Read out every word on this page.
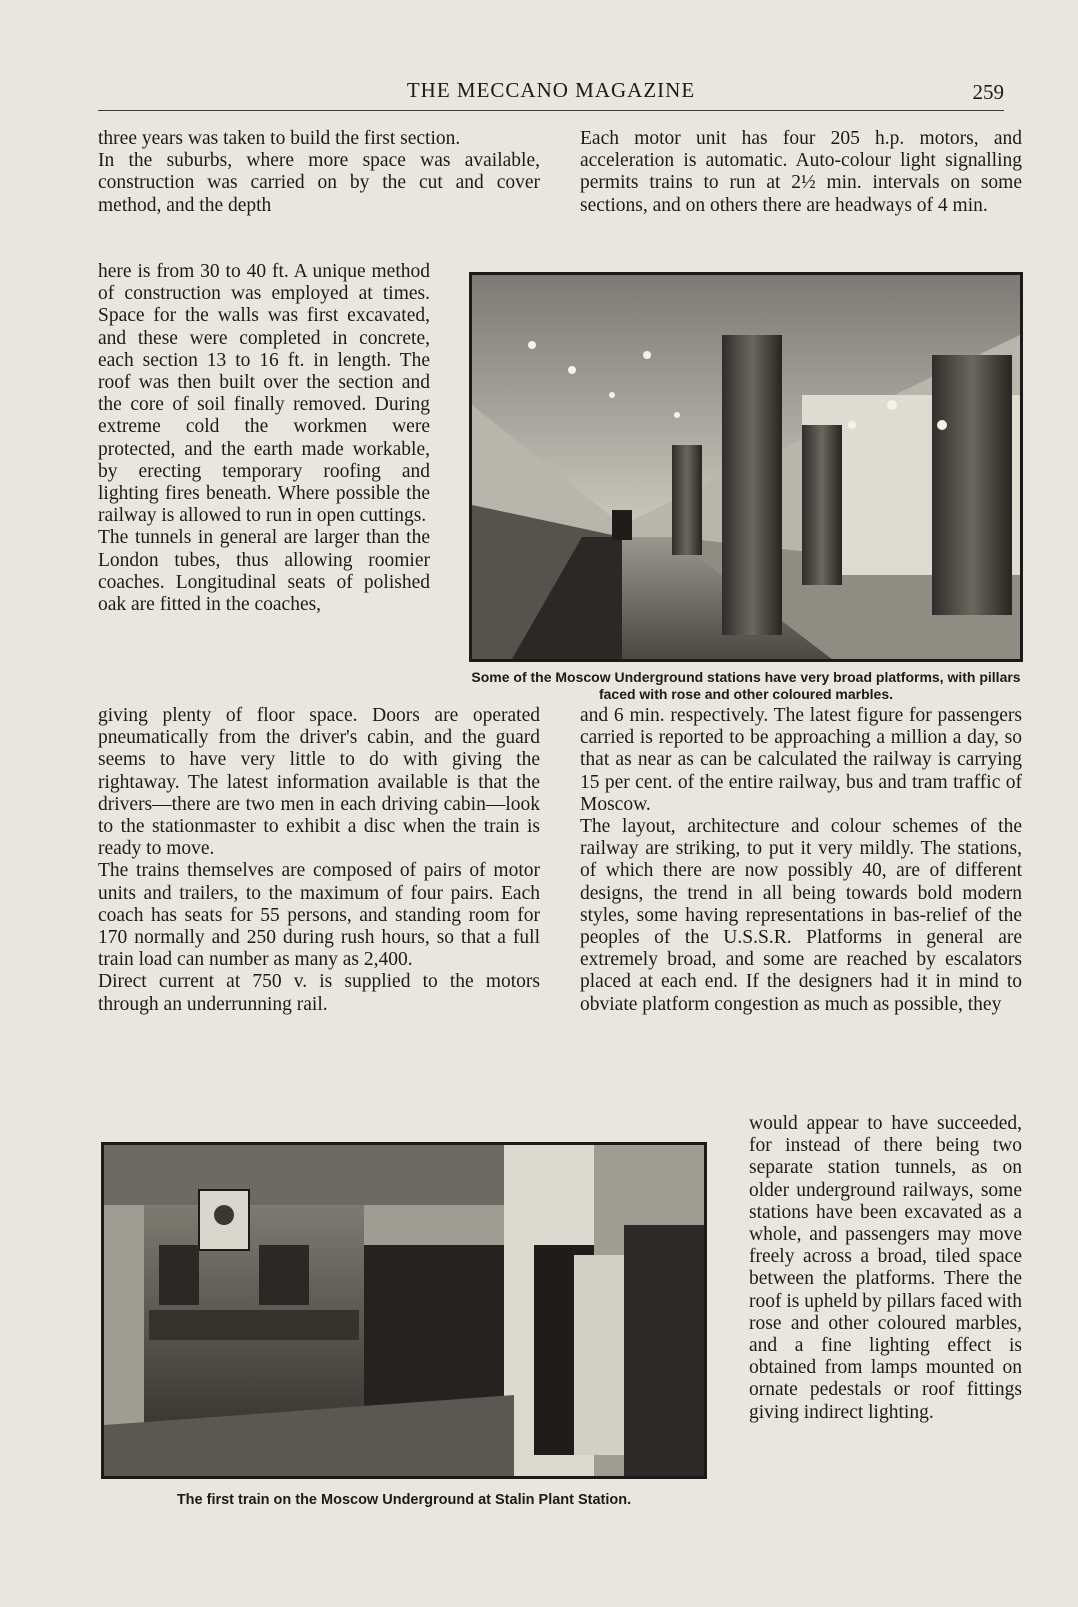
THE MECCANO MAGAZINE	259
three years was taken to build the first section.
In the suburbs, where more space was available, construction was carried on by the cut and cover method, and the depth
here is from 30 to 40 ft. A unique method of construction was employed at times. Space for the walls was first excavated, and these were completed in concrete, each section 13 to 16 ft. in length. The roof was then built over the section and the core of soil finally removed. During extreme cold the workmen were protected, and the earth made workable, by erecting temporary roofing and lighting fires beneath. Where possible the railway is allowed to run in open cuttings.
The tunnels in general are larger than the London tubes, thus allowing roomier coaches. Longitudinal seats of polished oak are fitted in the coaches,
giving plenty of floor space. Doors are operated pneumatically from the driver's cabin, and the guard seems to have very little to do with giving the rightaway. The latest information available is that the drivers—there are two men in each driving cabin—look to the stationmaster to exhibit a disc when the train is ready to move.
The trains themselves are composed of pairs of motor units and trailers, to the maximum of four pairs. Each coach has seats for 55 persons, and standing room for 170 normally and 250 during rush hours, so that a full train load can number as many as 2,400.
Direct current at 750 v. is supplied to the motors through an underrunning rail.
Each motor unit has four 205 h.p. motors, and acceleration is automatic. Auto-colour light signalling permits trains to run at 2½ min. intervals on some sections, and on others there are headways of 4 min.
and 6 min. respectively. The latest figure for passengers carried is reported to be approaching a million a day, so that as near as can be calculated the railway is carrying 15 per cent. of the entire railway, bus and tram traffic of Moscow.
The layout, architecture and colour schemes of the railway are striking, to put it very mildly. The stations, of which there are now possibly 40, are of different designs, the trend in all being towards bold modern styles, some having representations in bas-relief of the peoples of the U.S.S.R. Platforms in general are extremely broad, and some are reached by escalators placed at each end. If the designers had it in mind to obviate platform congestion as much as possible, they
would appear to have succeeded, for instead of there being two separate station tunnels, as on older underground railways, some stations have been excavated as a whole, and passengers may move freely across a broad, tiled space between the platforms. There the roof is upheld by pillars faced with rose and other coloured marbles, and a fine lighting effect is obtained from lamps mounted on ornate pedestals or roof fittings giving indirect lighting.
Some of the Moscow Underground stations have very broad platforms, with pillars faced with rose and other coloured marbles.
The first train on the Moscow Underground at Stalin Plant Station.
